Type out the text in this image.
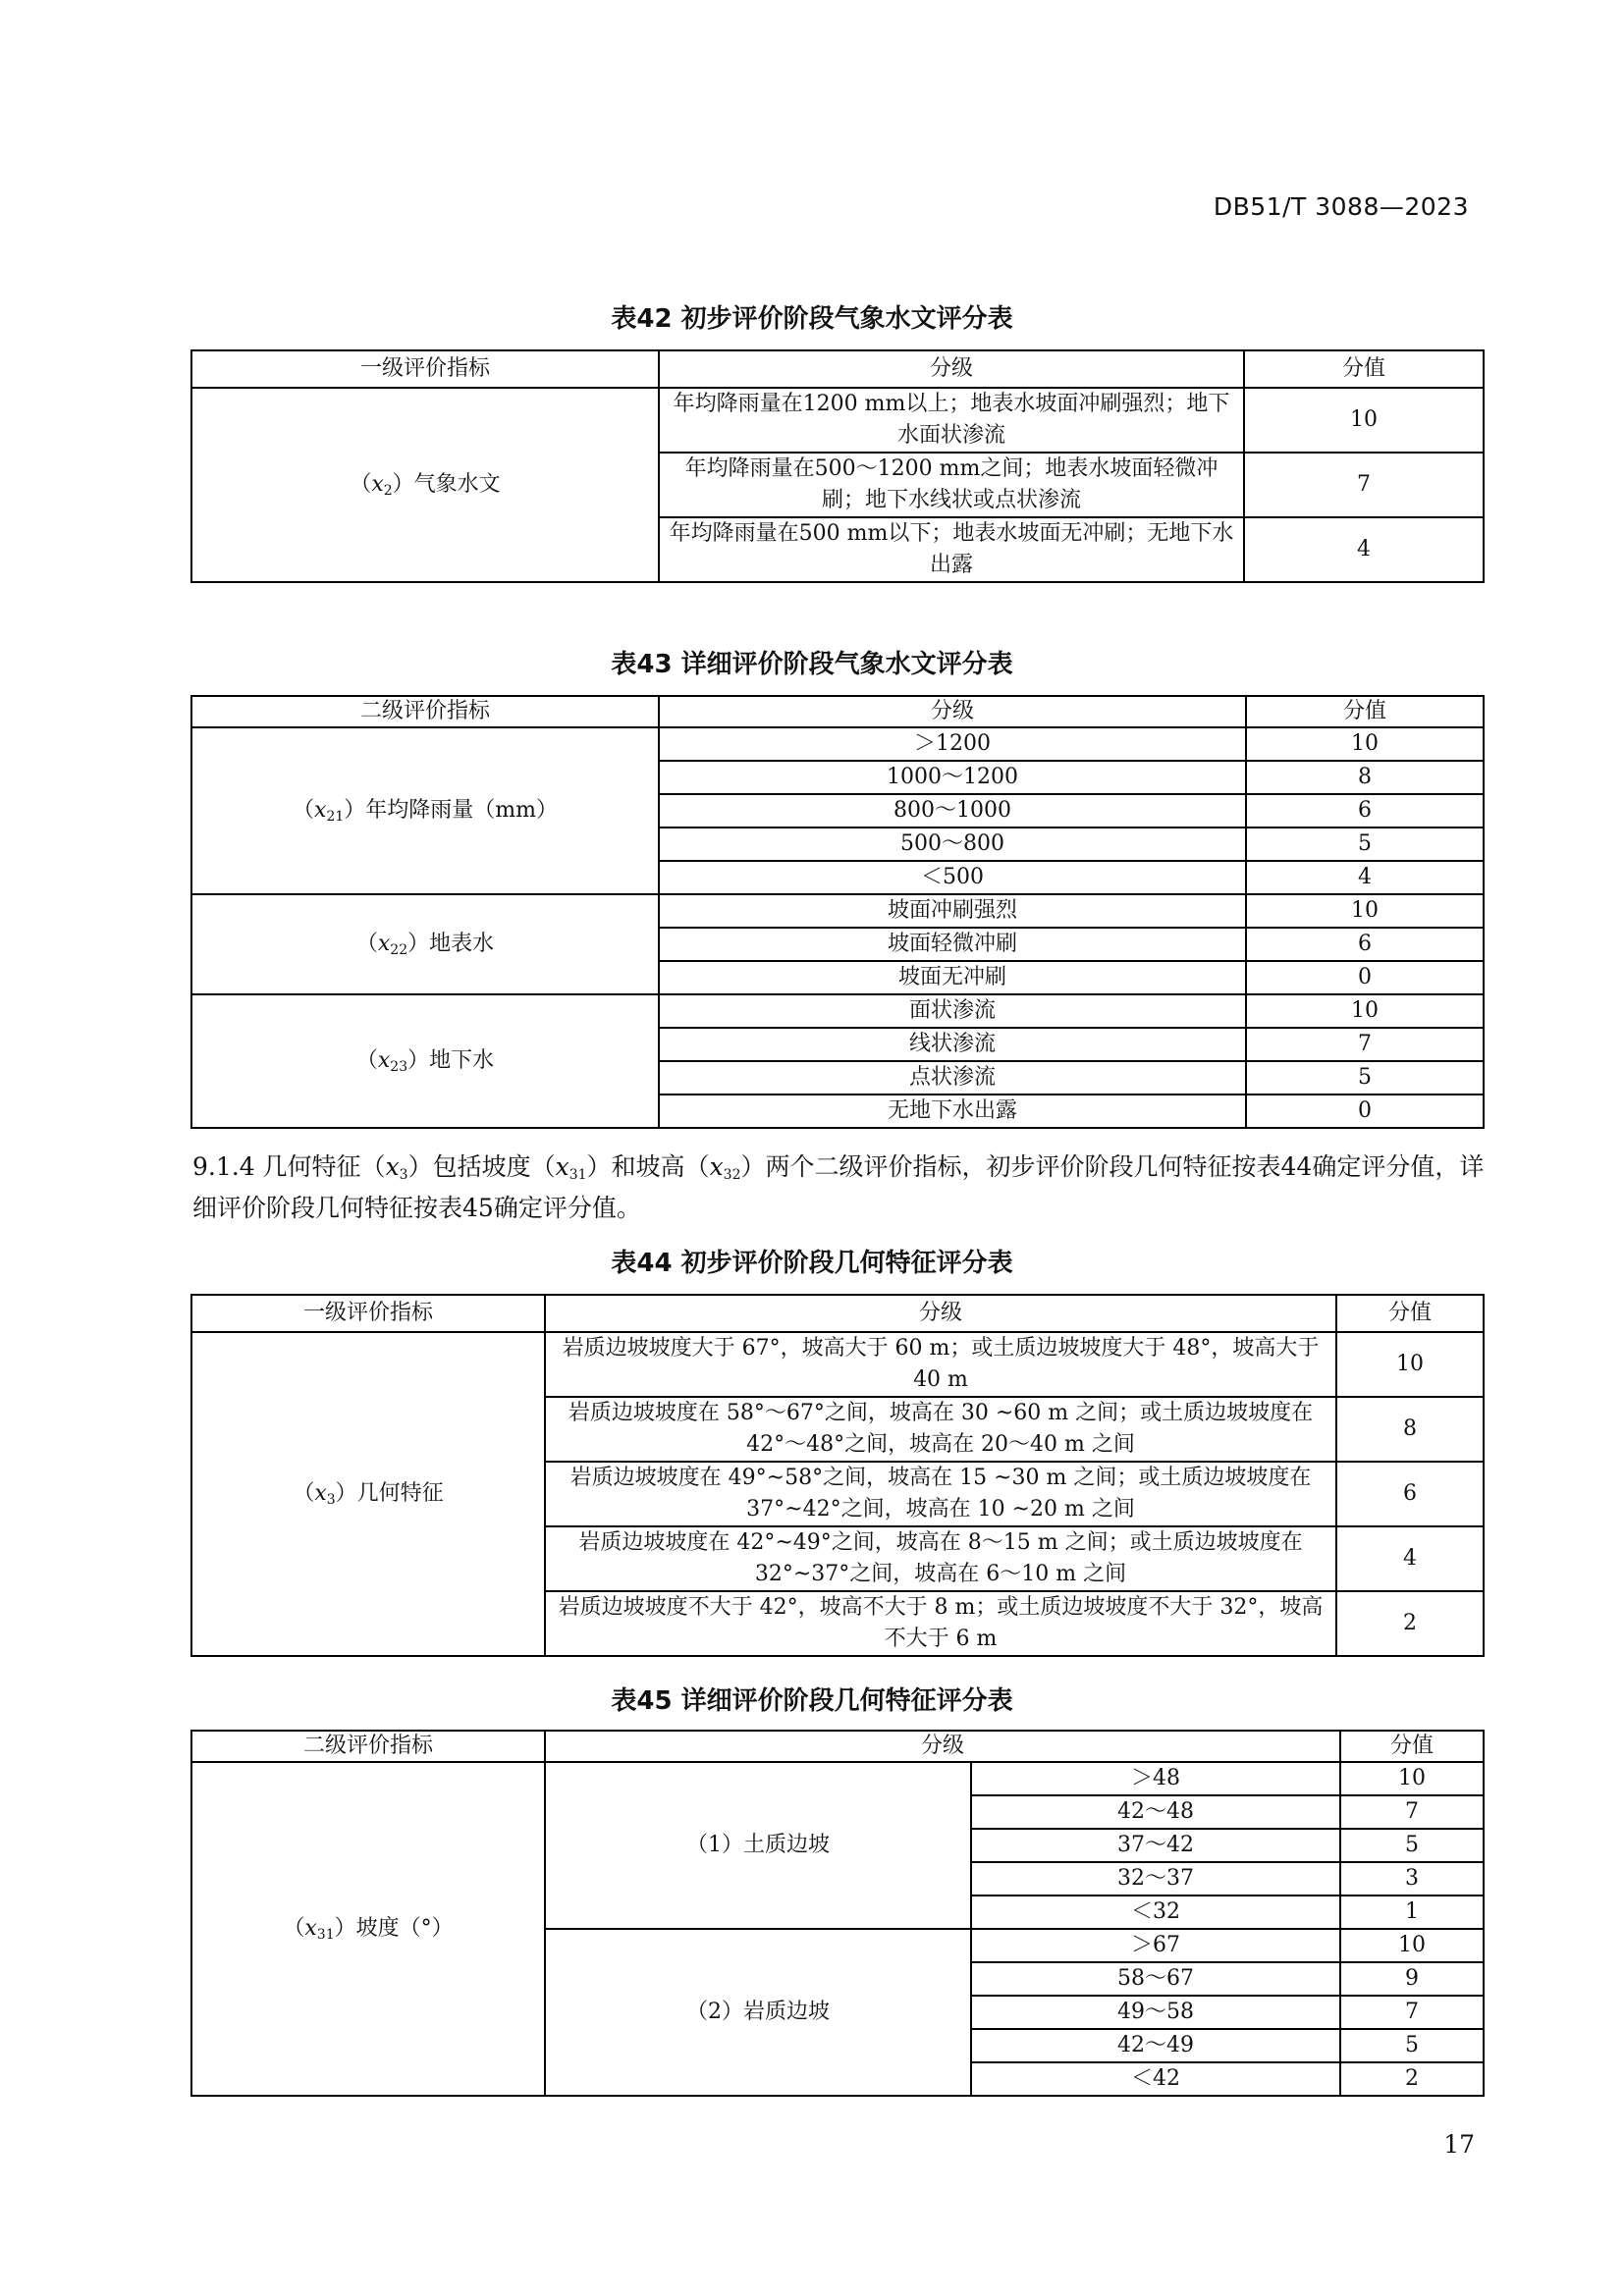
DB51/T 3088—2023
表42 初步评价阶段气象水文评分表
一级评价指标	分级	分值
$(x_2)$气象水文	年均降雨量在1200 mm以上；地表水坡面冲刷强烈；地下水面状渗流	10
	年均降雨量在500～1200 mm之间；地表水坡面轻微冲刷；地下水线状或点状渗流	7
	年均降雨量在500 mm以下；地表水坡面无冲刷；无地下水出露	4
表43 详细评价阶段气象水文评分表
二级评价指标	分级	分值
$(x_{21})$年均降雨量（mm）	＞1200	10
	1000～1200	8
	800～1000	6
	500～800	5
	＜500	4
$(x_{22})$地表水	坡面冲刷强烈	10
	坡面轻微冲刷	6
	坡面无冲刷	0
$(x_{23})$地下水	面状渗流	10
	线状渗流	7
	点状渗流	5
	无地下水出露	0
9.1.4 几何特征$(x_3)$包括坡度$(x_{31})$和坡高$(x_{32})$两个二级评价指标，初步评价阶段几何特征按表44确定评分值，详细评价阶段几何特征按表45确定评分值。
表44 初步评价阶段几何特征评分表
一级评价指标	分级	分值
$(x_3)$几何特征	岩质边坡坡度大于 67°，坡高大于 60 m；或土质边坡坡度大于 48°，坡高大于 40 m	10
	岩质边坡坡度在 58°～67°之间，坡高在 30 ~60 m 之间；或土质边坡坡度在 42°～48°之间，坡高在 20～40 m 之间	8
	岩质边坡坡度在 49°~58°之间，坡高在 15 ~30 m 之间；或土质边坡坡度在 37°~42°之间，坡高在 10 ~20 m 之间	6
	岩质边坡坡度在 42°~49°之间，坡高在 8～15 m 之间；或土质边坡坡度在 32°~37°之间，坡高在 6～10 m 之间	4
	岩质边坡坡度不大于 42°，坡高不大于 8 m；或土质边坡坡度不大于 32°，坡高不大于 6 m	2
表45 详细评价阶段几何特征评分表
二级评价指标	分级		分值
$(x_{31})$坡度（°）	（1）土质边坡	＞48	10
		42～48	7
		37～42	5
		32～37	3
		＜32	1
	（2）岩质边坡	＞67	10
		58～67	9
		49～58	7
		42～49	5
		＜42	2
17
